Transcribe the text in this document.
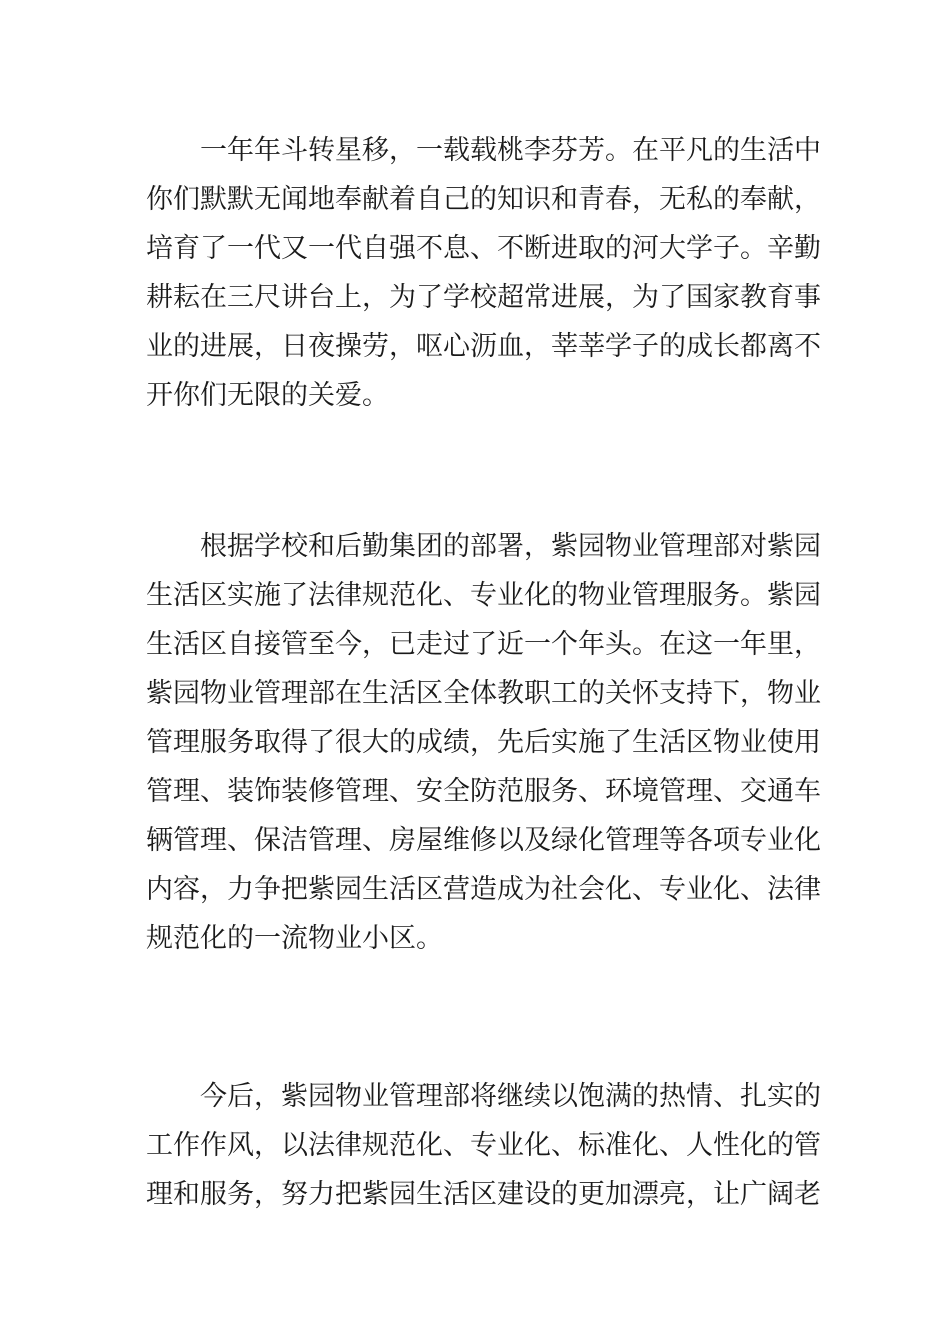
一年年斗转星移，一载载桃李芬芳。在平凡的生活中
你们默默无闻地奉献着自己的知识和青春，无私的奉献，
培育了一代又一代自强不息、不断进取的河大学子。辛勤
耕耘在三尺讲台上，为了学校超常进展，为了国家教育事
业的进展，日夜操劳，呕心沥血，莘莘学子的成长都离不
开你们无限的关爱。
根据学校和后勤集团的部署，紫园物业管理部对紫园
生活区实施了法律规范化、专业化的物业管理服务。紫园
生活区自接管至今，已走过了近一个年头。在这一年里，
紫园物业管理部在生活区全体教职工的关怀支持下，物业
管理服务取得了很大的成绩，先后实施了生活区物业使用
管理、装饰装修管理、安全防范服务、环境管理、交通车
辆管理、保洁管理、房屋维修以及绿化管理等各项专业化
内容，力争把紫园生活区营造成为社会化、专业化、法律
规范化的一流物业小区。
今后，紫园物业管理部将继续以饱满的热情、扎实的
工作作风，以法律规范化、专业化、标准化、人性化的管
理和服务，努力把紫园生活区建设的更加漂亮，让广阔老
